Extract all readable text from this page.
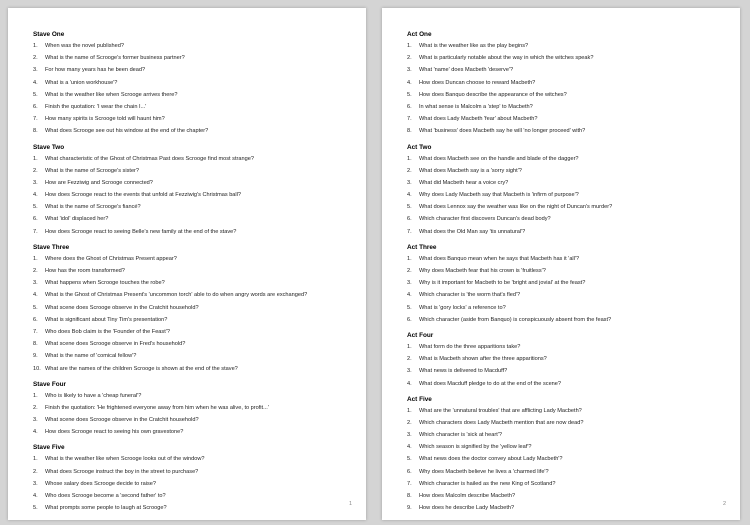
Stave One
1.	When was the novel published?
2.	What is the name of Scrooge's former business partner?
3.	For how many years has he been dead?
4.	What is a 'union workhouse'?
5.	What is the weather like when Scrooge arrives there?
6.	Finish the quotation: 'I wear the chain I...'
7.	How many spirits is Scrooge told will haunt him?
8.	What does Scrooge see out his window at the end of the chapter?
Stave Two
1.	What characteristic of the Ghost of Christmas Past does Scrooge find most strange?
2.	What is the name of Scrooge's sister?
3.	How are Fezziwig and Scrooge connected?
4.	How does Scrooge react to the events that unfold at Fezziwig's Christmas ball?
5.	What is the name of Scrooge's fiancé?
6.	What 'idol' displaced her?
7.	How does Scrooge react to seeing Belle's new family at the end of the stave?
Stave Three
1.	Where does the Ghost of Christmas Present appear?
2.	How has the room transformed?
3.	What happens when Scrooge touches the robe?
4.	What is the Ghost of Christmas Present's 'uncommon torch' able to do when angry words are exchanged?
5.	What scene does Scrooge observe in the Cratchit household?
6.	What is significant about Tiny Tim's presentation?
7.	Who does Bob claim is the 'Founder of the Feast'?
8.	What scene does Scrooge observe in Fred's household?
9.	What is the name of 'comical fellow'?
10. What are the names of the children Scrooge is shown at the end of the stave?
Stave Four
1.	Who is likely to have a 'cheap funeral'?
2.	Finish the quotation: 'He frightened everyone away from him when he was alive, to profit...'
3.	What scene does Scrooge observe in the Cratchit household?
4.	How does Scrooge react to seeing his own gravestone?
Stave Five
1.	What is the weather like when Scrooge looks out of the window?
2.	What does Scrooge instruct the boy in the street to purchase?
3.	Whose salary does Scrooge decide to raise?
4.	Who does Scrooge become a 'second father' to?
5.	What prompts some people to laugh at Scrooge?
1
Act One
1.	What is the weather like as the play begins?
2.	What is particularly notable about the way in which the witches speak?
3.	What 'name' does Macbeth 'deserve'?
4.	How does Duncan choose to reward Macbeth?
5.	How does Banquo describe the appearance of the witches?
6.	In what sense is Malcolm a 'step' to Macbeth?
7.	What does Lady Macbeth 'fear' about Macbeth?
8.	What 'business' does Macbeth say he will 'no longer proceed' with?
Act Two
1.	What does Macbeth see on the handle and blade of the dagger?
2.	What does Macbeth say is a 'sorry sight'?
3.	What did Macbeth hear a voice cry?
4.	Why does Lady Macbeth say that Macbeth is 'infirm of purpose'?
5.	What does Lennox say the weather was like on the night of Duncan's murder?
6.	Which character first discovers Duncan's dead body?
7.	What does the Old Man say 'tis unnatural'?
Act Three
1.	What does Banquo mean when he says that Macbeth has it 'all'?
2.	Why does Macbeth fear that his crown is 'fruitless'?
3.	Why is it important for Macbeth to be 'bright and jovial' at the feast?
4.	Which character is 'the worm that's fled'?
5.	What is 'gory locks' a reference to?
6.	Which character (aside from Banquo) is conspicuously absent from the feast?
Act Four
1.	What form do the three apparitions take?
2.	What is Macbeth shown after the three apparitions?
3.	What news is delivered to Macduff?
4.	What does Macduff pledge to do at the end of the scene?
Act Five
1.	What are the 'unnatural troubles' that are afflicting Lady Macbeth?
2.	Which characters does Lady Macbeth mention that are now dead?
3.	Which character is 'sick at heart'?
4.	Which season is signified by the 'yellow leaf'?
5.	What news does the doctor convey about Lady Macbeth'?
6.	Why does Macbeth believe he lives a 'charmed life'?
7.	Which character is hailed as the new King of Scotland?
8.	How does Malcolm describe Macbeth?
9.	How does he describe Lady Macbeth?
2
